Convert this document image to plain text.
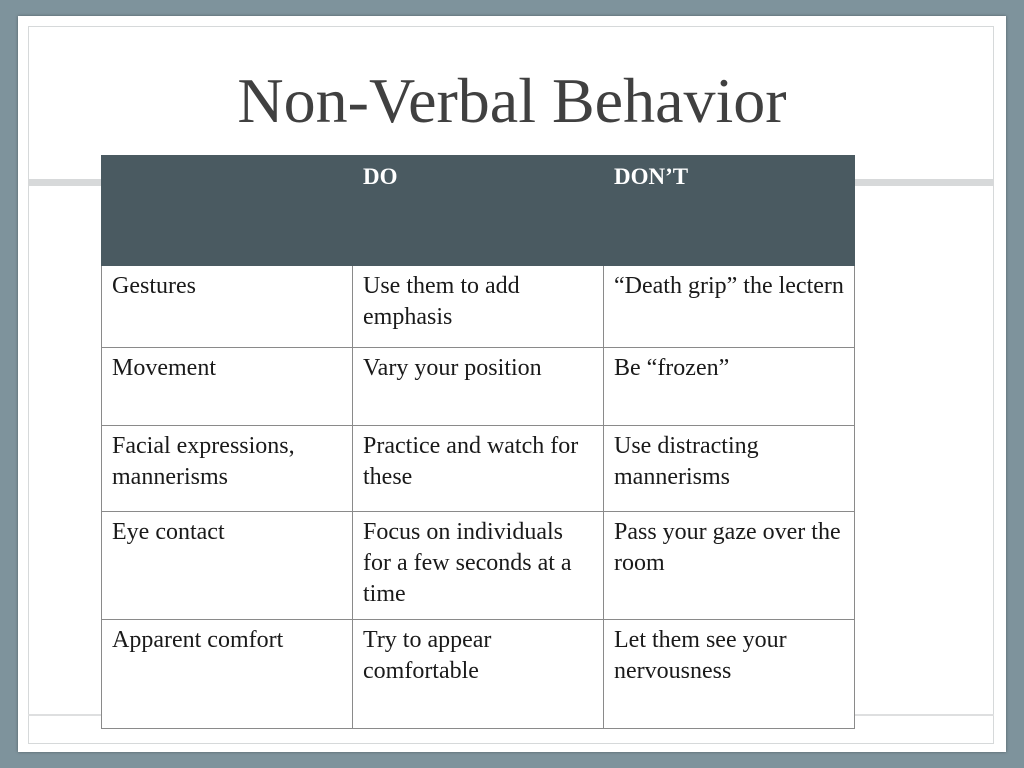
Non-Verbal Behavior
	DO	DON’T
Gestures	Use them to add emphasis	“Death grip” the lectern
Movement	Vary your position	Be “frozen”
Facial expressions, mannerisms	Practice and watch for these	Use distracting mannerisms
Eye contact	Focus on individuals for a few seconds at a time	Pass your gaze over the room
Apparent comfort	Try to appear comfortable	Let them see your nervousness
